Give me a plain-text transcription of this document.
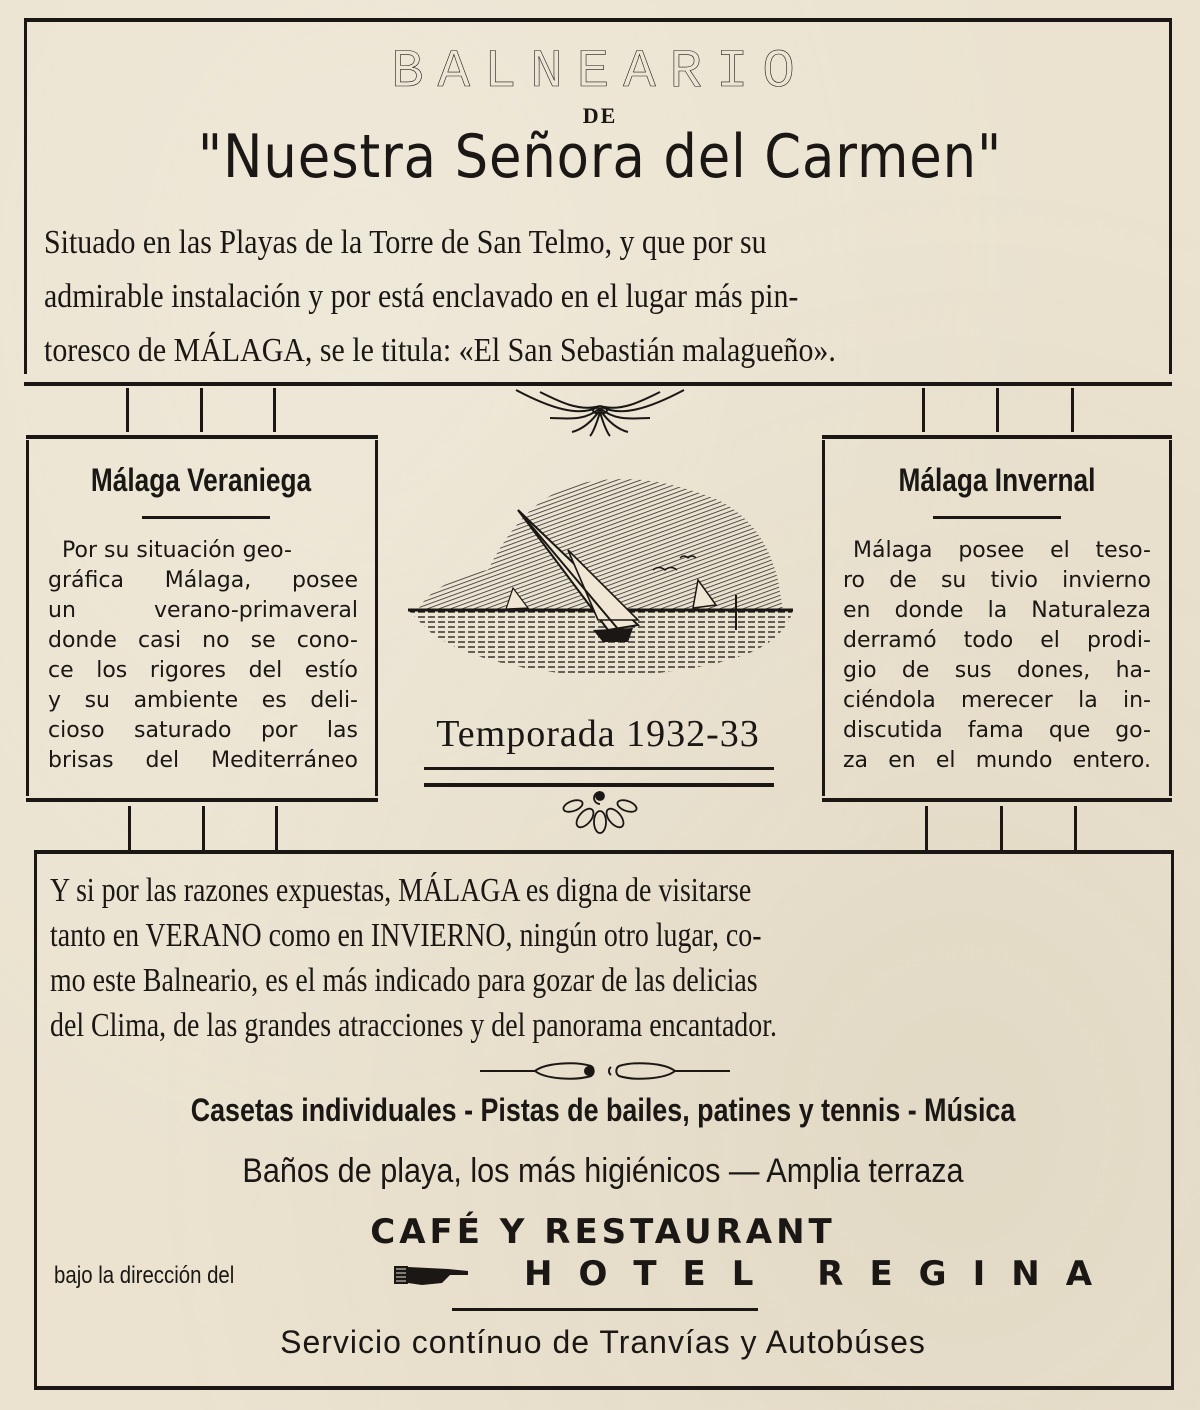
BALNEARIO
DE
"Nuestra Señora del Carmen"
Situado en las Playas de la Torre de San Telmo, y que por su
admirable instalación y por está enclavado en el lugar más pin-
toresco de MÁLAGA, se le titula: «El San Sebastián malagueño».
Málaga Veraniega
Por su situación geo-
gráfica Málaga, posee
un	verano-primaveral
donde casi no se cono-
ce los rigores del estío
y su ambiente es deli-
cioso saturado por las
brisas del Mediterráneo
Málaga Invernal
Málaga posee el teso-
ro de su tivio invierno
en donde la Naturaleza
derramó todo el prodi-
gio de sus dones, ha-
ciéndola merecer la in-
discutida fama que go-
za en el mundo entero.
Temporada 1932-33
Y si por las razones expuestas, MÁLAGA es digna de visitarse
tanto en VERANO como en INVIERNO, ningún otro lugar, co-
mo este Balneario, es el más indicado para gozar de las delicias
del Clima, de las grandes atracciones y del panorama encantador.
Casetas individuales - Pistas de bailes, patines y tennis - Música
Baños de playa, los más higiénicos — Amplia terraza
CAFÉ Y RESTAURANT
bajo la dirección del	HOTEL REGINA
Servicio contínuo de Tranvías y Autobúses
